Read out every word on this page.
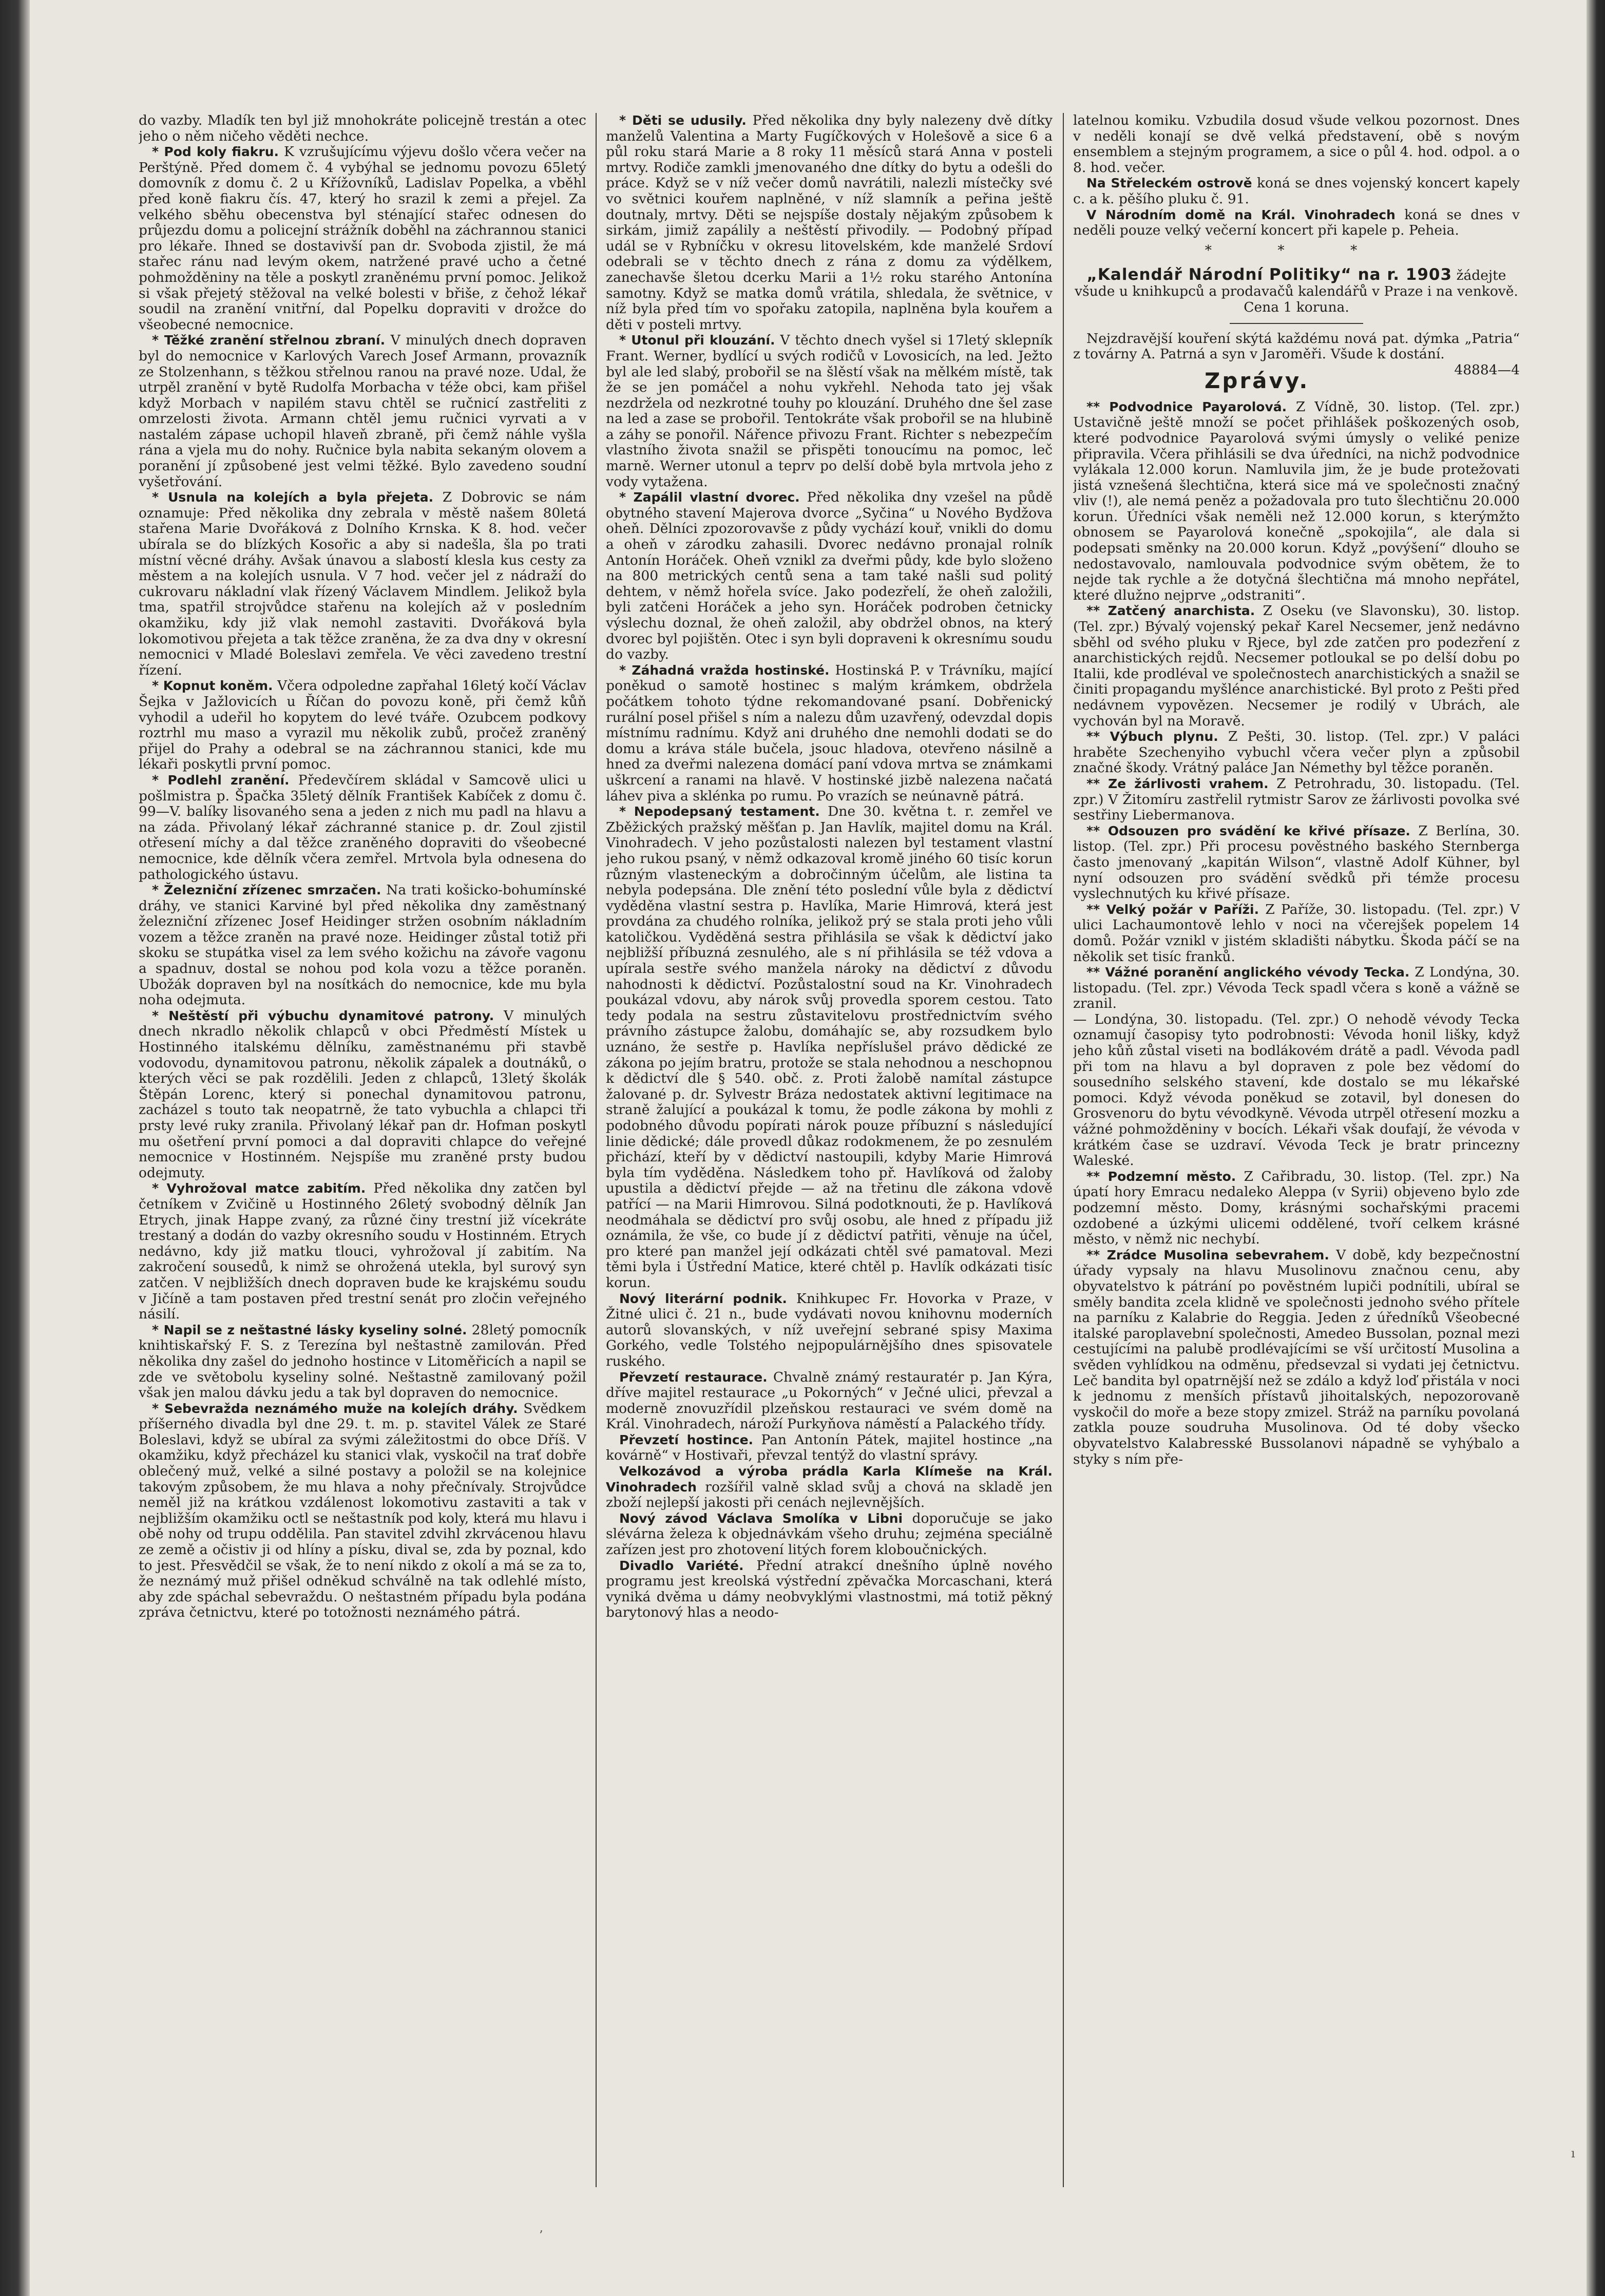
do vazby. Mladík ten byl již mnohokráte policejně trestán a otec jeho o něm ničeho věděti nechce.

* Pod koly fiakru. K vzrušujícímu výjevu došlo včera večer na Perštýně. Před domem č. 4 vybýhal se jednomu povozu 65letý domovník z domu č. 2 u Křížovníků, Ladislav Popelka, a vběhl před koně fiakru čís. 47, který ho srazil k zemi a přejel. Za velkého sběhu obecenstva byl sténající stařec odnesen do průjezdu domu a policejní strážník doběhl na záchrannou stanici pro lékaře. Ihned se dostavivší pan dr. Svoboda zjistil, že má stařec ránu nad levým okem, natržené pravé ucho a četné pohmožděniny na těle a poskytl zraněnému první pomoc. Jelikož si však přejetý stěžoval na velké bolesti v břiše, z čehož lékař soudil na zranění vnitřní, dal Popelku dopraviti v drožce do všeobecné nemocnice.

* Těžké zranění střelnou zbraní. V minulých dnech dopraven byl do nemocnice v Karlových Varech Josef Armann, provazník ze Stolzenhann, s těžkou střelnou ranou na pravé noze. Udal, že utrpěl zranění v bytě Rudolfa Morbacha v téže obci, kam přišel když Morbach v napilém stavu chtěl se ručnicí zastřeliti z omrzelosti života. Armann chtěl jemu ručnici vyrvati a v nastalém zápase uchopil hlaveň zbraně, při čemž náhle vyšla rána a vjela mu do nohy. Ručnice byla nabita sekaným olovem a poranění jí způsobené jest velmi těžké. Bylo zavedeno soudní vyšetřování.

* Usnula na kolejích a byla přejeta. Z Dobrovic se nám oznamuje: Před několika dny zebrala v městě našem 80letá stařena Marie Dvořáková z Dolního Krnska. K 8. hod. večer ubírala se do blízkých Kosořic a aby si nadešla, šla po trati místní věcné dráhy. Avšak únavou a slabostí klesla kus cesty za městem a na kolejích usnula. V 7 hod. večer jel z nádraží do cukrovaru nákladní vlak řízený Václavem Mindlem. Jelikož byla tma, spatřil strojvůdce stařenu na kolejích až v posledním okamžiku, kdy již vlak nemohl zastaviti. Dvořáková byla lokomotivou přejeta a tak těžce zraněna, že za dva dny v okresní nemocnici v Mladé Boleslavi zemřela. Ve věci zavedeno trestní řízení.

* Kopnut koněm. Včera odpoledne zapřahal 16letý kočí Václav Šejka v Jažlovicích u Říčan do povozu koně, při čemž kůň vyhodil a udeřil ho kopytem do levé tváře. Ozubcem podkovy roztrhl mu maso a vyrazil mu několik zubů, pročež zraněný přijel do Prahy a odebral se na záchrannou stanici, kde mu lékaři poskytli první pomoc.

* Podlehl zranění. Předevčírem skládal v Samcově ulici u pošlmistra p. Špačka 35letý dělník František Kabíček z domu č. 99—V. balíky lisovaného sena a jeden z nich mu padl na hlavu a na záda. Přivolaný lékař záchranné stanice p. dr. Zoul zjistil otřesení míchy a dal těžce zraněného dopraviti do všeobecné nemocnice, kde dělník včera zemřel. Mrtvola byla odnesena do pathologického ústavu.

* Železniční zřízenec smrzačen. Na trati košicko-bohumínské dráhy, ve stanici Karviné byl před několika dny zaměstnaný železniční zřízenec Josef Heidinger stržen osobním nákladním vozem a těžce zraněn na pravé noze. Heidinger zůstal totiž při skoku se stupátka visel za lem svého kožichu na závoře vagonu a spadnuv, dostal se nohou pod kola vozu a těžce poraněn. Ubožák dopraven byl na nosítkách do nemocnice, kde mu byla noha odejmuta.

* Neštěstí při výbuchu dynamitové patrony. V minulých dnech nkradlo několik chlapců v obci Předměstí Místek u Hostinného italskému dělníku, zaměstnanému při stavbě vodovodu, dynamitovou patronu, několik zápalek a doutnáků, o kterých věci se pak rozdělili. Jeden z chlapců, 13letý školák Štěpán Lorenc, který si ponechal dynamitovou patronu, zacházel s touto tak neopatrně, že tato vybuchla a chlapci tři prsty levé ruky zranila. Přivolaný lékař pan dr. Hofman poskytl mu ošetření první pomoci a dal dopraviti chlapce do veřejné nemocnice v Hostinném. Nejspíše mu zraněné prsty budou odejmuty.

* Vyhrožoval matce zabitím. Před několika dny zatčen byl četníkem v Zvičině u Hostinného 26letý svobodný dělník Jan Etrych, jinak Happe zvaný, za různé činy trestní již vícekráte trestaný a dodán do vazby okresního soudu v Hostinném. Etrych nedávno, kdy již matku tlouci, vyhrožoval jí zabitím. Na zakročení sousedů, k nimž se ohrožená utekla, byl surový syn zatčen. V nejbližších dnech dopraven bude ke krajskému soudu v Jičíně a tam postaven před trestní senát pro zločin veřejného násilí.

* Napil se z neštastné lásky kyseliny solné. 28letý pomocník knihtiskařský F. S. z Terezína byl neštastně zamilován. Před několika dny zašel do jednoho hostince v Litoměřicích a napil se zde ve světobolu kyseliny solné. Neštastně zamilovaný požil však jen malou dávku jedu a tak byl dopraven do nemocnice.

* Sebevražda neznámého muže na kolejích dráhy. Svědkem příšerného divadla byl dne 29. t. m. p. stavitel Válek ze Staré Boleslavi, když se ubíral za svými záležitostmi do obce Dříš. V okamžiku, když přecházel ku stanici vlak, vyskočil na trať dobře oblečený muž, velké a silné postavy a položil se na kolejnice takovým způsobem, že mu hlava a nohy přečnívaly. Strojvůdce neměl již na krátkou vzdálenost lokomotivu zastaviti a tak v nejbližším okamžiku octl se neštastník pod koly, která mu hlavu i obě nohy od trupu oddělila. Pan stavitel zdvihl zkrvácenou hlavu ze země a očistiv ji od hlíny a písku, dival se, zda by poznal, kdo to jest. Přesvědčil se však, že to není nikdo z okolí a má se za to, že neznámý muž přišel odněkud schválně na tak odlehlé místo, aby zde spáchal sebevraždu. O neštastném případu byla podána zpráva četnictvu, které po totožnosti neznámého pátrá.

* Děti se udusily. Před několika dny byly nalezeny dvě dítky manželů Valentina a Marty Fugíčkových v Holešově a sice 6 a půl roku stará Marie a 8 roky 11 měsíců stará Anna v posteli mrtvy. Rodiče zamkli jmenovaného dne dítky do bytu a odešli do práce. Když se v níž večer domů navrátili, nalezli místečky své vo světnici kouřem naplněné, v níž slamník a peřina ještě doutnaly, mrtvy. Děti se nejspíše dostaly nějakým způsobem k sirkám, jimiž zapálily a neštěstí přivodily. — Podobný případ udál se v Rybníčku v okresu litovelském, kde manželé Srdoví odebrali se v těchto dnech z rána z domu za výdělkem, zanechavše šletou dcerku Marii a 1½ roku starého Antonína samotny. Když se matka domů vrátila, shledala, že světnice, v níž byla před tím vo spořaku zatopila, naplněna byla kouřem a děti v posteli mrtvy.

* Utonul při klouzání. V těchto dnech vyšel si 17letý sklepník Frant. Werner, bydlící u svých rodičů v Lovosicích, na led. Ježto byl ale led slabý, probořil se na šlěstí však na mělkém místě, tak že se jen pomáčel a nohu vykřehl. Nehoda tato jej však nezdržela od nezkrotné touhy po klouzání. Druhého dne šel zase na led a zase se probořil. Tentokráte však probořil se na hlubině a záhy se ponořil. Nářence přivozu Frant. Richter s nebezpečím vlastního života snažil se přispěti tonoucímu na pomoc, leč marně. Werner utonul a teprv po delší době byla mrtvola jeho z vody vytažena.

* Zapálil vlastní dvorec. Před několika dny vzešel na půdě obytného stavení Majerova dvorce „Syčina“ u Nového Bydžova oheň. Dělníci zpozorovavše z půdy vychází kouř, vnikli do domu a oheň v zárodku zahasili. Dvorec nedávno pronajal rolník Antonín Horáček. Oheň vznikl za dveřmi půdy, kde bylo složeno na 800 metrických centů sena a tam také našli sud politý dehtem, v němž hořela svíce. Jako podezřelí, že oheň založili, byli zatčeni Horáček a jeho syn. Horáček podroben četnicky výslechu doznal, že oheň založil, aby obdržel obnos, na který dvorec byl pojištěn. Otec i syn byli dopraveni k okresnímu soudu do vazby.

* Záhadná vražda hostinské. Hostinská P. v Trávníku, mající poněkud o samotě hostinec s malým krámkem, obdržela počátkem tohoto týdne rekomandované psaní. Dobřenický rurální posel přišel s ním a nalezu dům uzavřený, odevzdal dopis místnímu radnímu. Když ani druhého dne nemohli dodati se do domu a kráva stále bučela, jsouc hladova, otevřeno násilně a hned za dveřmi nalezena domácí paní vdova mrtva se známkami uškrcení a ranami na hlavě. V hostinské jizbě nalezena načatá láhev piva a sklénka po rumu. Po vrazích se neúnavně pátrá.

* Nepodepsaný testament. Dne 30. května t. r. zemřel ve Zběžických pražský měšťan p. Jan Havlík, majitel domu na Král. Vinohradech. V jeho pozůstalosti nalezen byl testament vlastní jeho rukou psaný, v němž odkazoval kromě jiného 60 tisíc korun různým vlasteneckým a dobročinným účelům, ale listina ta nebyla podepsána. Dle znění této poslední vůle byla z dědictví vyděděna vlastní sestra p. Havlíka, Marie Himrová, která jest provdána za chudého rolníka, jelikož prý se stala proti jeho vůli katoličkou. Vyděděná sestra přihlásila se však k dědictví jako nejbližší příbuzná zesnulého, ale s ní přihlásila se též vdova a upírala sestře svého manžela nároky na dědictví z důvodu nahodnosti k dědictví. Pozůstalostní soud na Kr. Vinohradech poukázal vdovu, aby nárok svůj provedla sporem cestou. Tato tedy podala na sestru zůstavitelovu prostřednictvím svého právního zástupce žalobu, domáhajíc se, aby rozsudkem bylo uznáno, že sestře p. Havlíka nepříslušel právo dědické ze zákona po jejím bratru, protože se stala nehodnou a neschopnou k dědictví dle § 540. obč. z. Proti žalobě namítal zástupce žalované p. dr. Sylvestr Brázа nedostatek aktivní legitimace na straně žalující a poukázal k tomu, že podle zákona by mohli z podobného důvodu popírati nárok pouze příbuzní s následující linie dědické; dále provedl důkaz rodokmenem, že po zesnulém přichází, kteří by v dědictví nastoupili, kdyby Marie Himrová byla tím vyděděna. Následkem toho př. Havlíková od žaloby upustila a dědictví přejde — až na třetinu dle zákona vdově patřící — na Marii Himrovou. Silná podotknouti, že p. Havlíková neodmáhala se dědictví pro svůj osobu, ale hned z případu již oznámila, že vše, co bude jí z dědictví patřiti, věnuje na účel, pro které pan manžel její odkázati chtěl své pamatoval. Mezi těmi byla i Ústřední Matice, které chtěl p. Havlík odkázati tisíc korun.

Nový literární podnik. Knihkupec Fr. Hovorka v Praze, v Žitné ulici č. 21 n., bude vydávati novou knihovnu moderních autorů slovanských, v níž uveřejní sebrané spisy Maxima Gorkého, vedle Tolstého nejpopulárnějšího dnes spisovatele ruského.

Převzetí restaurace. Chvalně známý restauratér p. Jan Kýra, dříve majitel restaurace „u Pokorných“ v Ječné ulici, převzal a moderně znovuzřídil plzeňskou restauraci ve svém domě na Král. Vinohradech, nároží Purkyňova náměstí a Palackého třídy.

Převzetí hostince. Pan Antonín Pátek, majitel hostince „na kovárně“ v Hostivaři, převzal tentýž do vlastní správy.

Velkozávod a výroba prádla Karla Klímeše na Král. Vinohradech rozšířil valně sklad svůj a chová na skladě jen zboží nejlepší jakosti při cenách nejlevnějších.

Nový závod Václava Smolíka v Libni doporučuje se jako slévárna železa k objednávkám všeho druhu; zejména speciálně zařízen jest pro zhotovení litých forem kloboučnických.

Divadlo Variété. Přední atrakcí dnešního úplně nového programu jest kreolská výstřední zpěvačka Morcaschani, která vyniká dvěma u dámy neobvyklými vlastnostmi, má totiž pěkný barytonový hlas a neodo-

latelnou komiku. Vzbudila dosud všude velkou pozornost. Dnes v neděli konají se dvě velká představení, obě s novým ensemblem a stejným programem, a sice o půl 4. hod. odpol. a o 8. hod. večer.

Na Střeleckém ostrově koná se dnes vojenský koncert kapely c. a k. pěšího pluku č. 91.

V Národním domě na Král. Vinohradech koná se dnes v neděli pouze velký večerní koncert při kapele p. Peheia.

* * *

„Kalendář Národní Politiky“ na r. 1903 žádejte všude u knihkupců a prodavačů kalendářů v Praze i na venkově. Cena 1 koruna.

Nejzdravější kouření skýtá každému nová pat. dýmka „Patria“ z továrny A. Patrná a syn v Jaroměři. Všude k dostání.
48884—4

Zprávy.

** Podvodnice Payarolová. Z Vídně, 30. listop. (Tel. zpr.) Ustavičně ještě množí se počet přihlášek poškozených osob, které podvodnice Payarolová svými úmysly o veliké penize připravila. Včera přihlásili se dva úředníci, na nichž podvodnice vylákala 12.000 korun. Namluvila jim, že je bude protežovati jistá vznešená šlechtična, která sice má ve společnosti značný vliv (!), ale nemá peněz a požadovala pro tuto šlechtičnu 20.000 korun. Úředníci však neměli než 12.000 korun, s kterýmžto obnosem se Payarolová konečně „spokojila“, ale dala si podepsati směnky na 20.000 korun. Když „povýšení“ dlouho se nedostavovalo, namlouvala podvodnice svým obětem, že to nejde tak rychle a že dotyčná šlechtična má mnoho nepřátel, které dlužno nejprve „odstraniti“.

** Zatčený anarchista. Z Oseku (ve Slavonsku), 30. listop. (Tel. zpr.) Bývalý vojenský pekař Karel Necsemer, jenž nedávno sběhl od svého pluku v Rjece, byl zde zatčen pro podezření z anarchistických rejdů. Necsemer potloukal se po delší dobu po Italii, kde prodléval ve společnostech anarchistických a snažil se činiti propagandu myšlénce anarchistické. Byl proto z Pešti před nedávnem vypovězen. Necsemer je rodilý v Ubrách, ale vychován byl na Moravě.

** Výbuch plynu. Z Pešti, 30. listop. (Tel. zpr.) V paláci hraběte Szechenyiho vybuchl včera večer plyn a způsobil značné škody. Vrátný paláce Jan Némethy byl těžce poraněn.

** Ze žárlivosti vrahem. Z Petrohradu, 30. listopadu. (Tel. zpr.) V Žitomíru zastřelil rytmistr Sarov ze žárlivosti povolka své sestřiny Liebermanova.

** Odsouzen pro svádění ke křivé přísaze. Z Berlína, 30. listop. (Tel. zpr.) Při procesu pověstného baského Sternberga často jmenovaný „kapitán Wilson“, vlastně Adolf Kühner, byl nyní odsouzen pro svádění svědků při témže procesu vyslechnutých ku křivé přísaze.

** Velký požár v Paříži. Z Paříže, 30. listopadu. (Tel. zpr.) V ulici Lachaumontově lehlo v noci na včerejšek popelem 14 domů. Požár vznikl v jistém skladišti nábytku. Škoda páčí se na několik set tisíc franků.

** Vážné poranění anglického vévody Tecka. Z Londýna, 30. listopadu. (Tel. zpr.) Vévoda Teck spadl včera s koně a vážně se zranil.

— Londýna, 30. listopadu. (Tel. zpr.) O nehodě vévody Tecka oznamují časopisy tyto podrobnosti: Vévoda honil lišky, když jeho kůň zůstal viseti na bodlákovém drátě a padl. Vévoda padl při tom na hlavu a byl dopraven z pole bez vědomí do sousedního selského stavení, kde dostalo se mu lékařské pomoci. Když vévoda poněkud se zotavil, byl donesen do Grosvenoru do bytu vévodkyně. Vévoda utrpěl otřesení mozku a vážné pohmožděniny v bocích. Lékaři však doufají, že vévoda v krátkém čase se uzdraví. Vévoda Teck je bratr princezny Waleské.

** Podzemní město. Z Cařibradu, 30. listop. (Tel. zpr.) Na úpatí hory Emracu nedaleko Aleppa (v Syrii) objeveno bylo zde podzemní město. Domy, krásnými sochařskými pracemi ozdobené a úzkými ulicemi oddělené, tvoří celkem krásné město, v němž nic nechybí.

** Zrádce Musolina sebevrahem. V době, kdy bezpečnostní úřady vypsaly na hlavu Musolinovu značnou cenu, aby obyvatelstvo k pátrání po pověstném lupiči podnítili, ubíral se směly bandita zcela klidně ve společnosti jednoho svého přítele na parníku z Kalabrie do Reggia. Jeden z úředníků Všeobecné italské paroplavební společnosti, Amedeo Bussolan, poznal mezi cestujícími na palubě prodlévajícími se vší určitostí Musolina a svěden vyhlídkou na odměnu, předsevzal si vydati jej četnictvu. Leč bandita byl opatrnější než se zdálo a když loď přistála v noci k jednomu z menších přístavů jihoitalských, nepozorovaně vyskočil do moře a beze stopy zmizel. Stráž na parníku povolaná zatkla pouze soudruha Musolinova. Od té doby všecko obyvatelstvo Kalabresské Bussolanovi nápadně se vyhýbalo a styky s ním pře-

’
ı
